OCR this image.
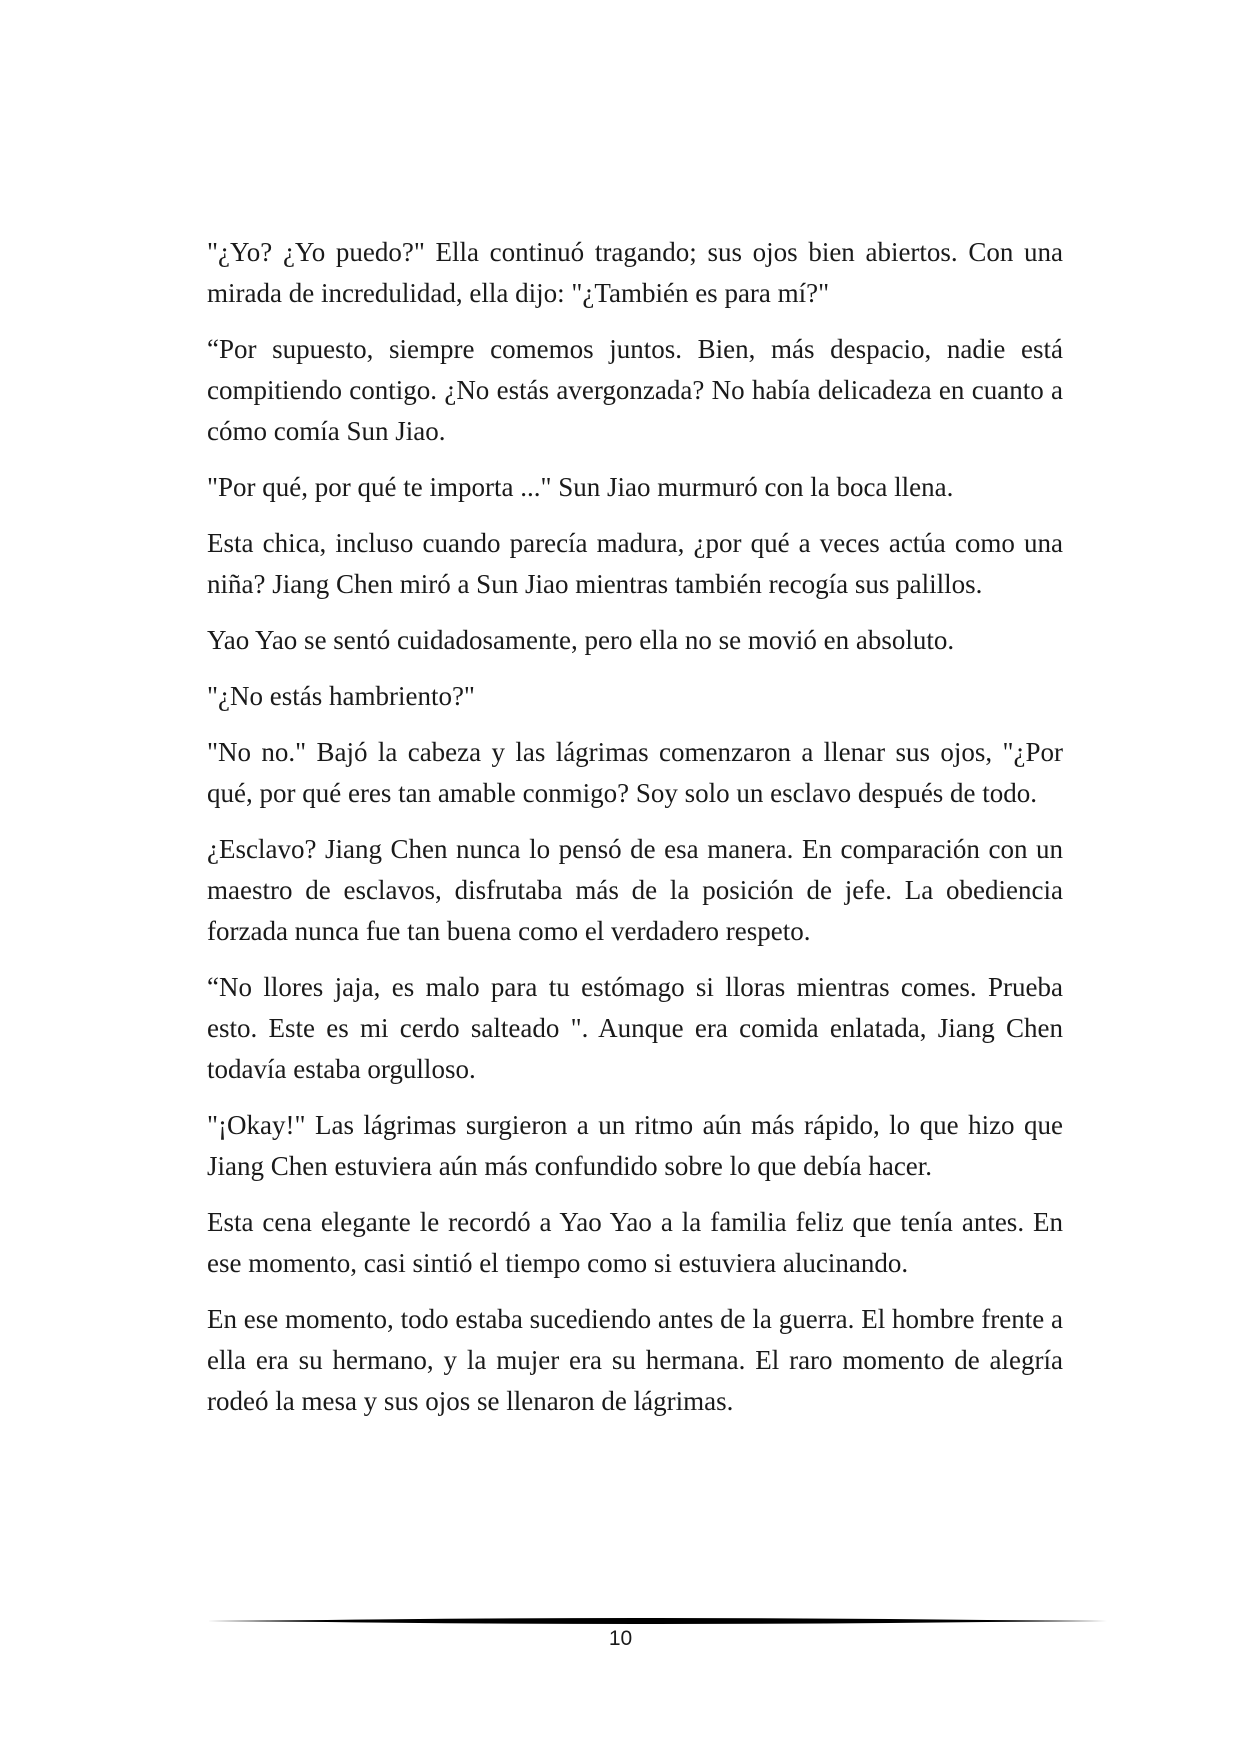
"¿Yo? ¿Yo puedo?" Ella continuó tragando; sus ojos bien abiertos. Con una mirada de incredulidad, ella dijo: "¿También es para mí?"

“Por supuesto, siempre comemos juntos. Bien, más despacio, nadie está compitiendo contigo. ¿No estás avergonzada? No había delicadeza en cuanto a cómo comía Sun Jiao.

"Por qué, por qué te importa ..." Sun Jiao murmuró con la boca llena.

Esta chica, incluso cuando parecía madura, ¿por qué a veces actúa como una niña? Jiang Chen miró a Sun Jiao mientras también recogía sus palillos.

Yao Yao se sentó cuidadosamente, pero ella no se movió en absoluto.

"¿No estás hambriento?"

"No no." Bajó la cabeza y las lágrimas comenzaron a llenar sus ojos, "¿Por qué, por qué eres tan amable conmigo? Soy solo un esclavo después de todo.

¿Esclavo? Jiang Chen nunca lo pensó de esa manera. En comparación con un maestro de esclavos, disfrutaba más de la posición de jefe. La obediencia forzada nunca fue tan buena como el verdadero respeto.

“No llores jaja, es malo para tu estómago si lloras mientras comes. Prueba esto. Este es mi cerdo salteado ". Aunque era comida enlatada, Jiang Chen todavía estaba orgulloso.

"¡Okay!" Las lágrimas surgieron a un ritmo aún más rápido, lo que hizo que Jiang Chen estuviera aún más confundido sobre lo que debía hacer.

Esta cena elegante le recordó a Yao Yao a la familia feliz que tenía antes. En ese momento, casi sintió el tiempo como si estuviera alucinando.

En ese momento, todo estaba sucediendo antes de la guerra. El hombre frente a ella era su hermano, y la mujer era su hermana. El raro momento de alegría rodeó la mesa y sus ojos se llenaron de lágrimas.

10
